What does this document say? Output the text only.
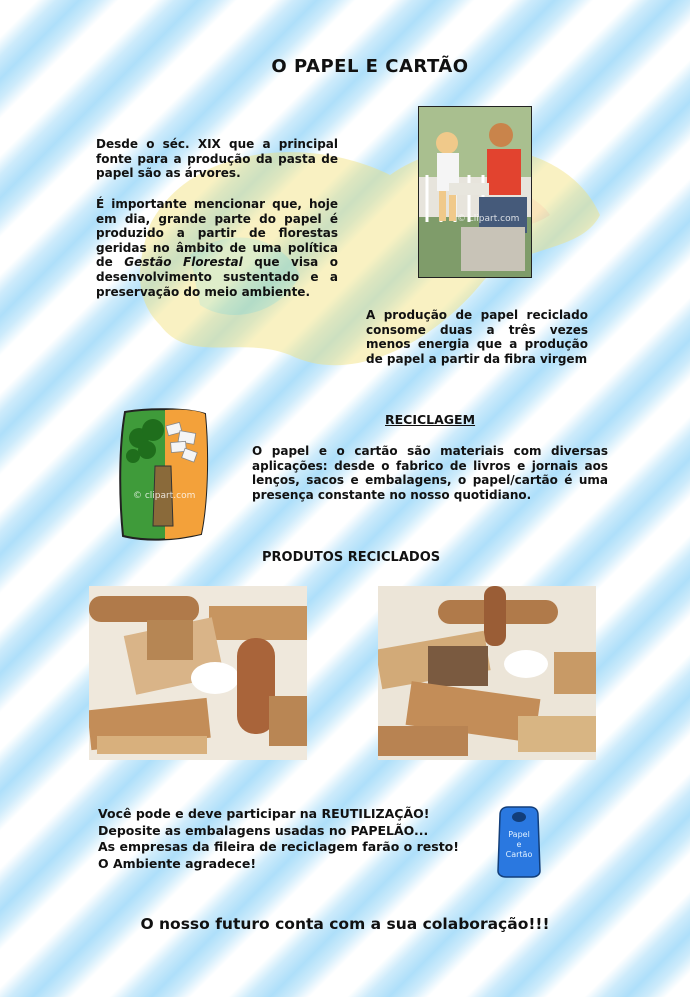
O PAPEL E CARTÃO
Desde o séc. XIX que a principal fonte para a produção da pasta de papel são as árvores.
É importante mencionar que, hoje em dia, grande parte do papel é produzido a partir de florestas geridas no âmbito de uma política de Gestão Florestal que visa o desenvolvimento sustentado e a preservação do meio ambiente.
© clipart.com
A produção de papel reciclado consome duas a três vezes menos energia que a produção de papel a partir da fibra virgem
© clipart.com
RECICLAGEM
O papel e o cartão são materiais com diversas aplicações: desde o fabrico de livros e jornais aos lenços, sacos e embalagens, o papel/cartão é uma presença constante no nosso quotidiano.
PRODUTOS RECICLADOS
Você pode e deve participar na REUTILIZAÇÃO!
Deposite as embalagens usadas no PAPELÃO...
As empresas da fileira de reciclagem farão o resto!
O Ambiente agradece!
Papel
e
Cartão
O nosso futuro conta com a sua colaboração!!!
